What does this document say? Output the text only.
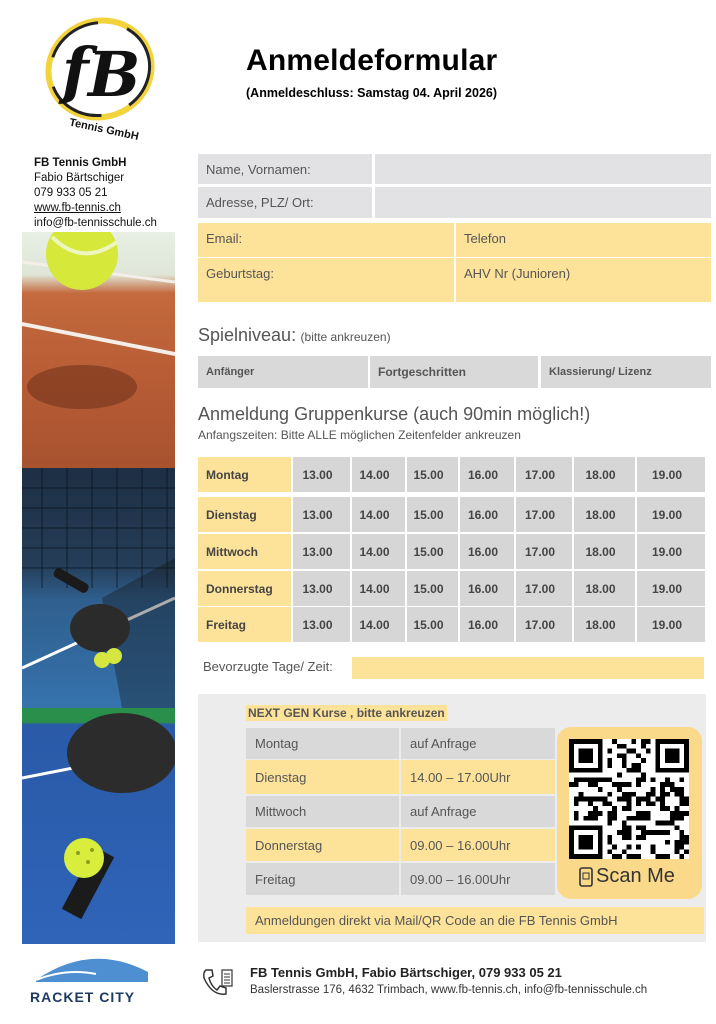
f B
Tennis GmbH
FB Tennis GmbH
Fabio Bärtschiger
079 933 05 21
www.fb-tennis.ch
info@fb-tennisschule.ch
RACKET CITY
Anmeldeformular
(Anmeldeschluss: Samstag 04. April 2026)
Name, Vornamen:
Adresse, PLZ/ Ort:
Email:	Telefon
Geburtstag:	AHV Nr (Junioren)
Spielniveau: (bitte ankreuzen)
Anfänger	Fortgeschritten	Klassierung/ Lizenz
Anmeldung Gruppenkurse (auch 90min möglich!)
Anfangszeiten: Bitte ALLE möglichen Zeitenfelder ankreuzen
Montag	13.00	14.00	15.00	16.00	17.00	18.00	19.00
Dienstag	13.00	14.00	15.00	16.00	17.00	18.00	19.00
Mittwoch	13.00	14.00	15.00	16.00	17.00	18.00	19.00
Donnerstag	13.00	14.00	15.00	16.00	17.00	18.00	19.00
Freitag	13.00	14.00	15.00	16.00	17.00	18.00	19.00
Bevorzugte Tage/ Zeit:
NEXT GEN Kurse , bitte ankreuzen
Montag	auf Anfrage
Dienstag	14.00 – 17.00Uhr
Mittwoch	auf Anfrage
Donnerstag	09.00 – 16.00Uhr
Freitag	09.00 – 16.00Uhr	Scan Me
Anmeldungen direkt via Mail/QR Code an die FB Tennis GmbH
FB Tennis GmbH, Fabio Bärtschiger, 079 933 05 21
Baslerstrasse 176, 4632 Trimbach, www.fb-tennis.ch, info@fb-tennisschule.ch
